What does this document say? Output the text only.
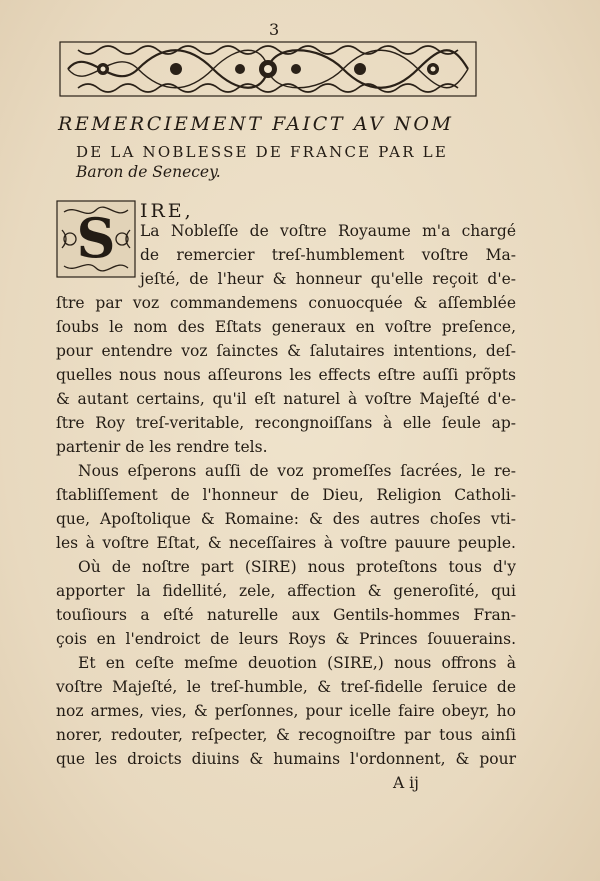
3
REMERCIEMENT FAICT AV NOM
DE LA NOBLESSE DE FRANCE PAR LE
Baron de Senecey.
S IRE,
La Nobleſſe de voſtre Royaume m'a chargé
de remercier treſ-humblement voſtre Ma-
jeſté, de l'heur & honneur qu'elle reçoit d'e-
ſtre par voz commandemens conuocquée & aſſemblée
ſoubs le nom des Eſtats generaux en voſtre preſence,
pour entendre voz ſainctes & ſalutaires intentions, deſ-
quelles nous nous aſſeurons les effects eſtre auſſi prõpts
& autant certains, qu'il eſt naturel à voſtre Majeſté d'e-
ſtre Roy treſ-veritable, recongnoiſſans à elle ſeule ap-
partenir de les rendre tels.
Nous eſperons auſſi de voz promeſſes ſacrées, le re-
ſtabliſſement de l'honneur de Dieu, Religion Catholi-
que, Apoſtolique & Romaine: & des autres choſes vti-
les à voſtre Eſtat, & neceſſaires à voſtre pauure peuple.
Où de noſtre part (SIRE) nous proteſtons tous d'y
apporter la fidellité, zele, affection & generoſité, qui
touſiours a eſté naturelle aux Gentils-hommes Fran-
çois en l'endroict de leurs Roys & Princes ſouuerains.
Et en ceſte meſme deuotion (SIRE,) nous offrons à
voſtre Majeſté, le treſ-humble, & treſ-fidelle ſeruice de
noz armes, vies, & perſonnes, pour icelle faire obeyr, ho
norer, redouter, reſpecter, & recognoiſtre par tous ainſi
que les droicts diuins & humains l'ordonnent, & pour
A ij
